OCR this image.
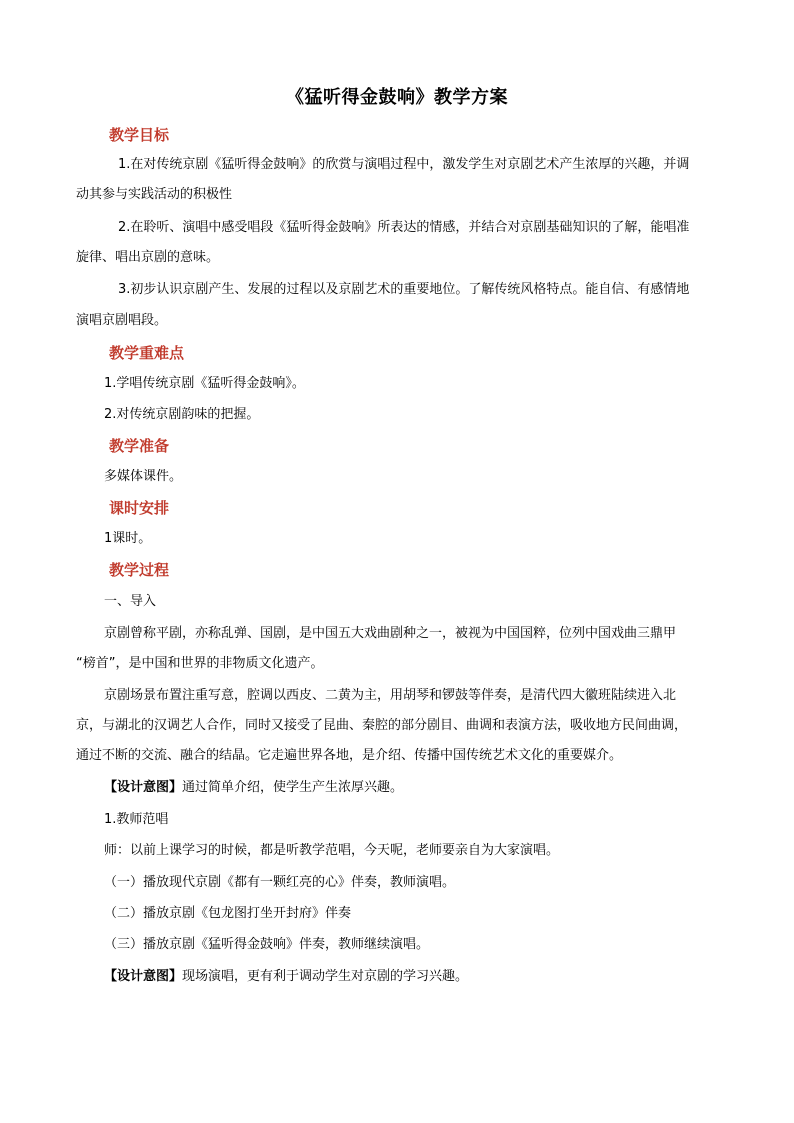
《猛听得金鼓响》教学方案
教学目标
1.在对传统京剧《猛听得金鼓响》的欣赏与演唱过程中，激发学生对京剧艺术产生浓厚的兴趣，并调
动其参与实践活动的积极性
2.在聆听、演唱中感受唱段《猛听得金鼓响》所表达的情感，并结合对京剧基础知识的了解，能唱准
旋律、唱出京剧的意味。
3.初步认识京剧产生、发展的过程以及京剧艺术的重要地位。了解传统风格特点。能自信、有感情地
演唱京剧唱段。
教学重难点
1.学唱传统京剧《猛听得金鼓响》。
2.对传统京剧韵味的把握。
教学准备
多媒体课件。
课时安排
1课时。
教学过程
一、导入
京剧曾称平剧，亦称乱弹、国剧，是中国五大戏曲剧种之一，被视为中国国粹，位列中国戏曲三鼎甲
“榜首”，是中国和世界的非物质文化遗产。
京剧场景布置注重写意，腔调以西皮、二黄为主，用胡琴和锣鼓等伴奏，是清代四大徽班陆续进入北
京，与湖北的汉调艺人合作，同时又接受了昆曲、秦腔的部分剧目、曲调和表演方法，吸收地方民间曲调，
通过不断的交流、融合的结晶。它走遍世界各地，是介绍、传播中国传统艺术文化的重要媒介。
【设计意图】通过简单介绍，使学生产生浓厚兴趣。
1.教师范唱
师：以前上课学习的时候，都是听教学范唱，今天呢，老师要亲自为大家演唱。
（一）播放现代京剧《都有一颗红亮的心》伴奏，教师演唱。
（二）播放京剧《包龙图打坐开封府》伴奏
（三）播放京剧《猛听得金鼓响》伴奏，教师继续演唱。
【设计意图】现场演唱，更有利于调动学生对京剧的学习兴趣。
